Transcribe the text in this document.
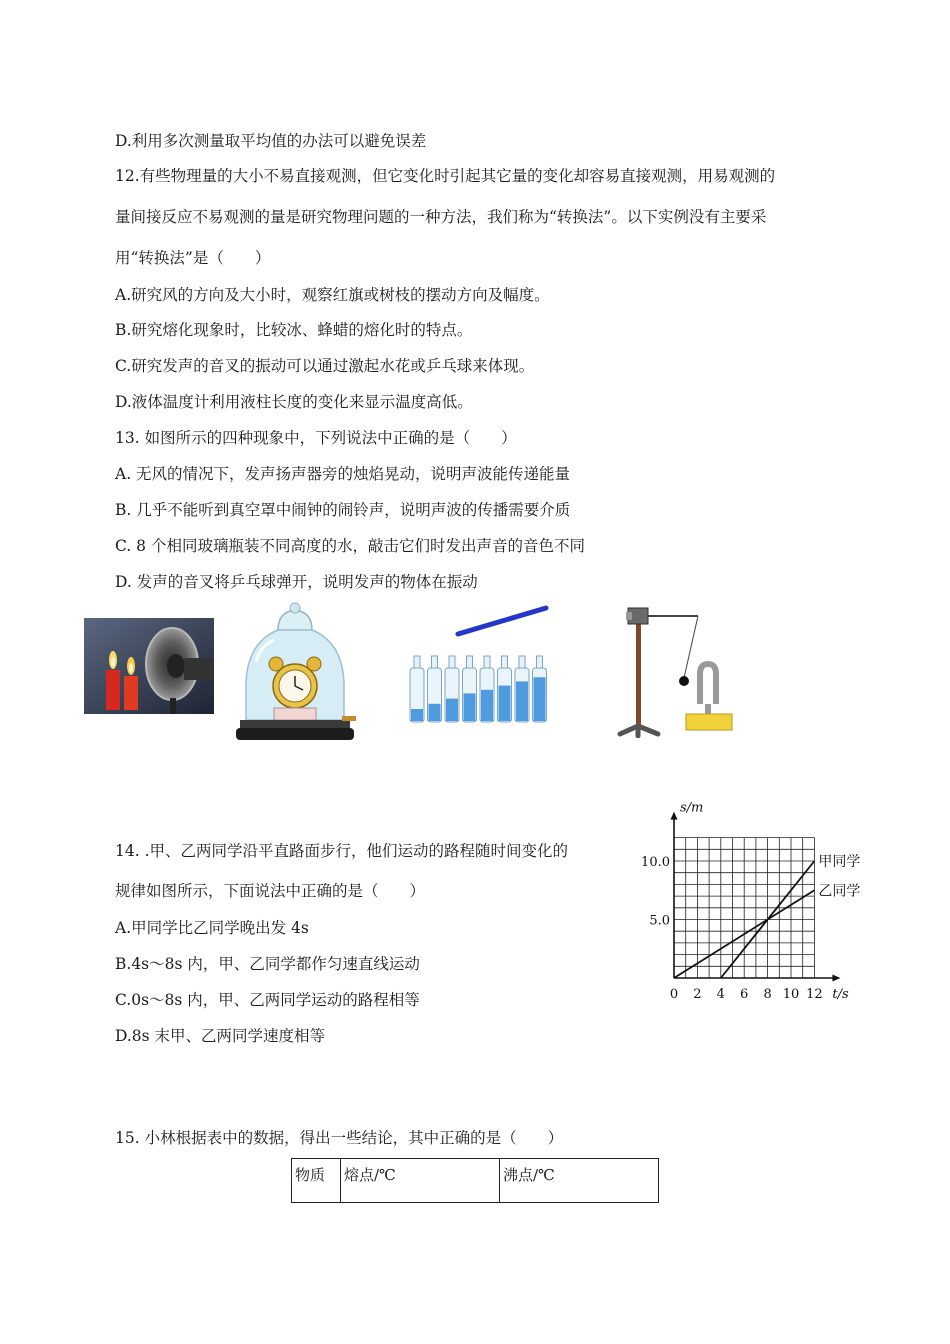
D.利用多次测量取平均值的办法可以避免误差
12.有些物理量的大小不易直接观测，但它变化时引起其它量的变化却容易直接观测，用易观测的
量间接反应不易观测的量是研究物理问题的一种方法，我们称为“转换法”。以下实例没有主要采
用“转换法”是（　　）
A.研究风的方向及大小时，观察红旗或树枝的摆动方向及幅度。
B.研究熔化现象时，比较冰、蜂蜡的熔化时的特点。
C.研究发声的音叉的振动可以通过激起水花或乒乓球来体现。
D.液体温度计利用液柱长度的变化来显示温度高低。
13. 如图所示的四种现象中，下列说法中正确的是（　　）
A. 无风的情况下，发声扬声器旁的烛焰晃动，说明声波能传递能量
B. 几乎不能听到真空罩中闹钟的闹铃声，说明声波的传播需要介质
C. 8 个相同玻璃瓶装不同高度的水，敲击它们时发出声音的音色不同
D. 发声的音叉将乒乓球弹开，说明发声的物体在振动
14. .甲、乙两同学沿平直路面步行，他们运动的路程随时间变化的
规律如图所示，下面说法中正确的是（　　）
A.甲同学比乙同学晚出发 4s
B.4s～8s 内，甲、乙同学都作匀速直线运动
C.0s～8s 内，甲、乙两同学运动的路程相等
D.8s 末甲、乙两同学速度相等
15. 小林根据表中的数据，得出一些结论，其中正确的是（　　）
s/m
t/s
0 2 4 6 8 10 12
5.0
10.0	甲同学
乙同学
物质	熔点/℃	沸点/℃
